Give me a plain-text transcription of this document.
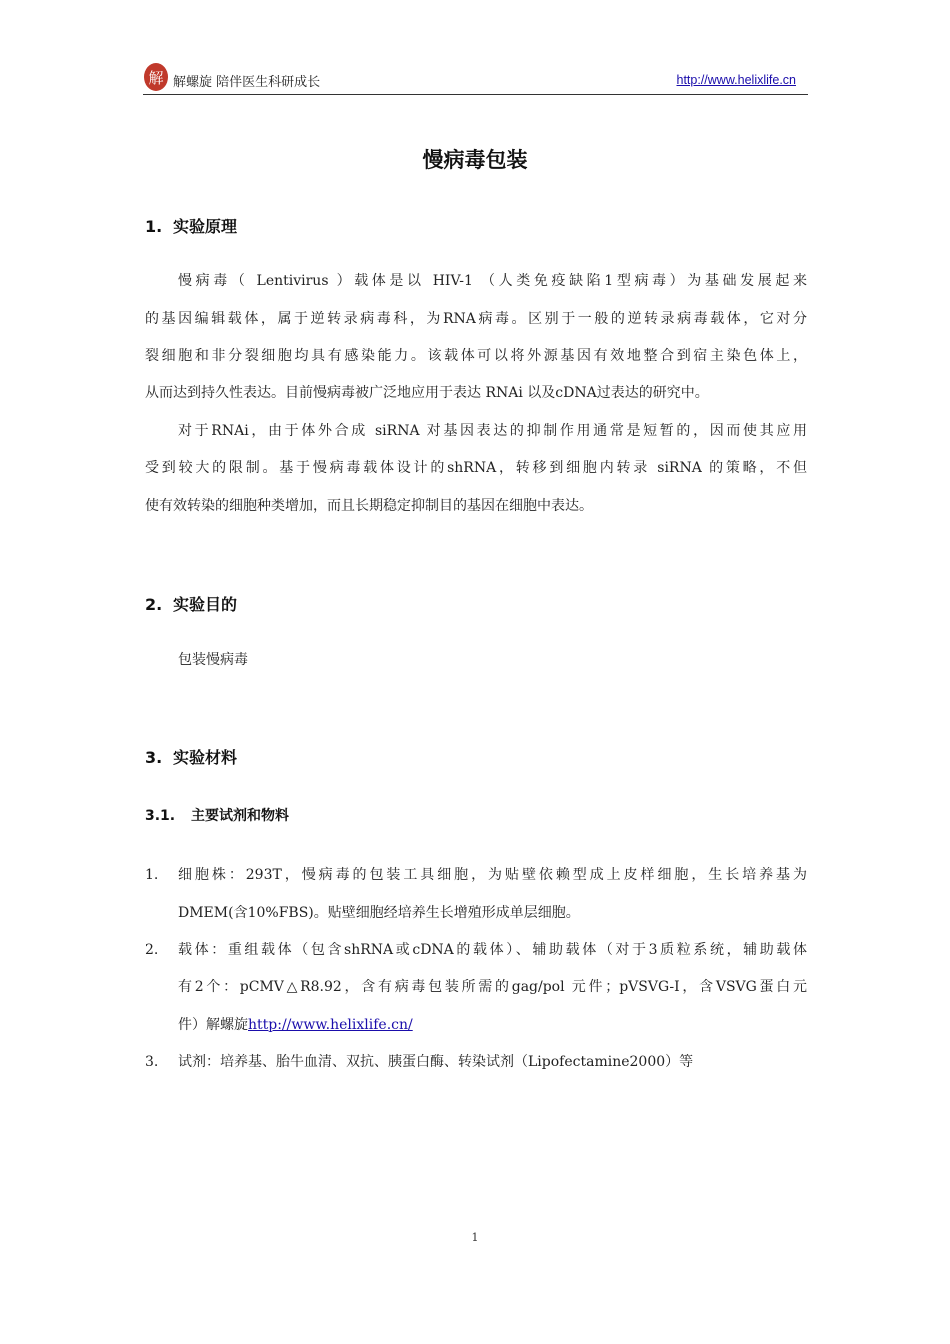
解 解螺旋 陪伴医生科研成长	http://www.helixlife.cn
慢病毒包装
1. 实验原理
慢病毒（ Lentivirus ）载体是以 HIV-1 （人类免疫缺陷1型病毒）为基础发展起来
的基因编辑载体，属于逆转录病毒科，为RNA病毒。区别于一般的逆转录病毒载体，它对分
裂细胞和非分裂细胞均具有感染能力。该载体可以将外源基因有效地整合到宿主染色体上，
从而达到持久性表达。目前慢病毒被广泛地应用于表达 RNAi 以及cDNA过表达的研究中。
对于RNAi，由于体外合成 siRNA 对基因表达的抑制作用通常是短暂的，因而使其应用
受到较大的限制。基于慢病毒载体设计的shRNA，转移到细胞内转录 siRNA 的策略，不但
使有效转染的细胞种类增加，而且长期稳定抑制目的基因在细胞中表达。
2. 实验目的
包装慢病毒
3. 实验材料
3.1. 主要试剂和物料
1. 细胞株：293T，慢病毒的包装工具细胞，为贴壁依赖型成上皮样细胞，生长培养基为
DMEM(含10%FBS)。贴壁细胞经培养生长增殖形成单层细胞。
2. 载体：重组载体（包含shRNA或cDNA的载体）、辅助载体（对于3质粒系统，辅助载体
有2个：pCMV△R8.92，含有病毒包装所需的gag/pol 元件；pVSVG-I，含VSVG蛋白元
件）解螺旋http://www.helixlife.cn/
3. 试剂：培养基、胎牛血清、双抗、胰蛋白酶、转染试剂（Lipofectamine2000）等
1
